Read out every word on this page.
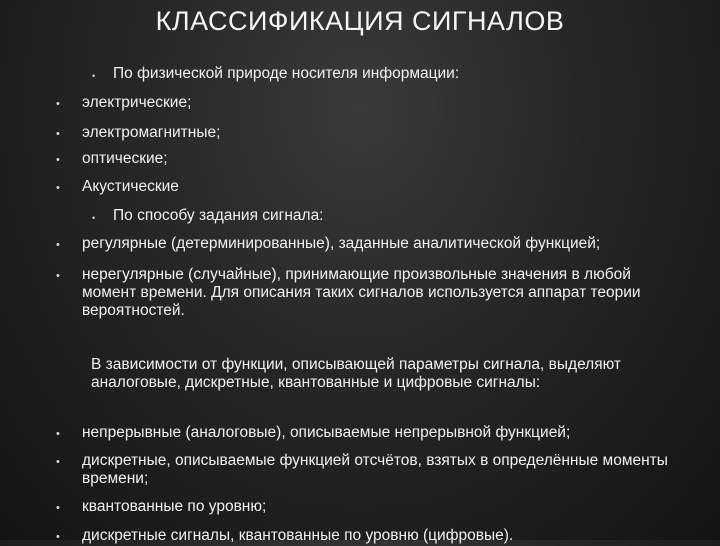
КЛАССИФИКАЦИЯ СИГНАЛОВ
• По физической природе носителя информации:
• электрические;
• электромагнитные;
• оптические;
• Акустические
• По способу задания сигнала:
• регулярные (детерминированные), заданные аналитической функцией;
• нерегулярные (случайные), принимающие произвольные значения в любой момент времени. Для описания таких сигналов используется аппарат теории вероятностей.
В зависимости от функции, описывающей параметры сигнала, выделяют аналоговые, дискретные, квантованные и цифровые сигналы:
• непрерывные (аналоговые), описываемые непрерывной функцией;
• дискретные, описываемые функцией отсчётов, взятых в определённые моменты времени;
• квантованные по уровню;
• дискретные сигналы, квантованные по уровню (цифровые).
